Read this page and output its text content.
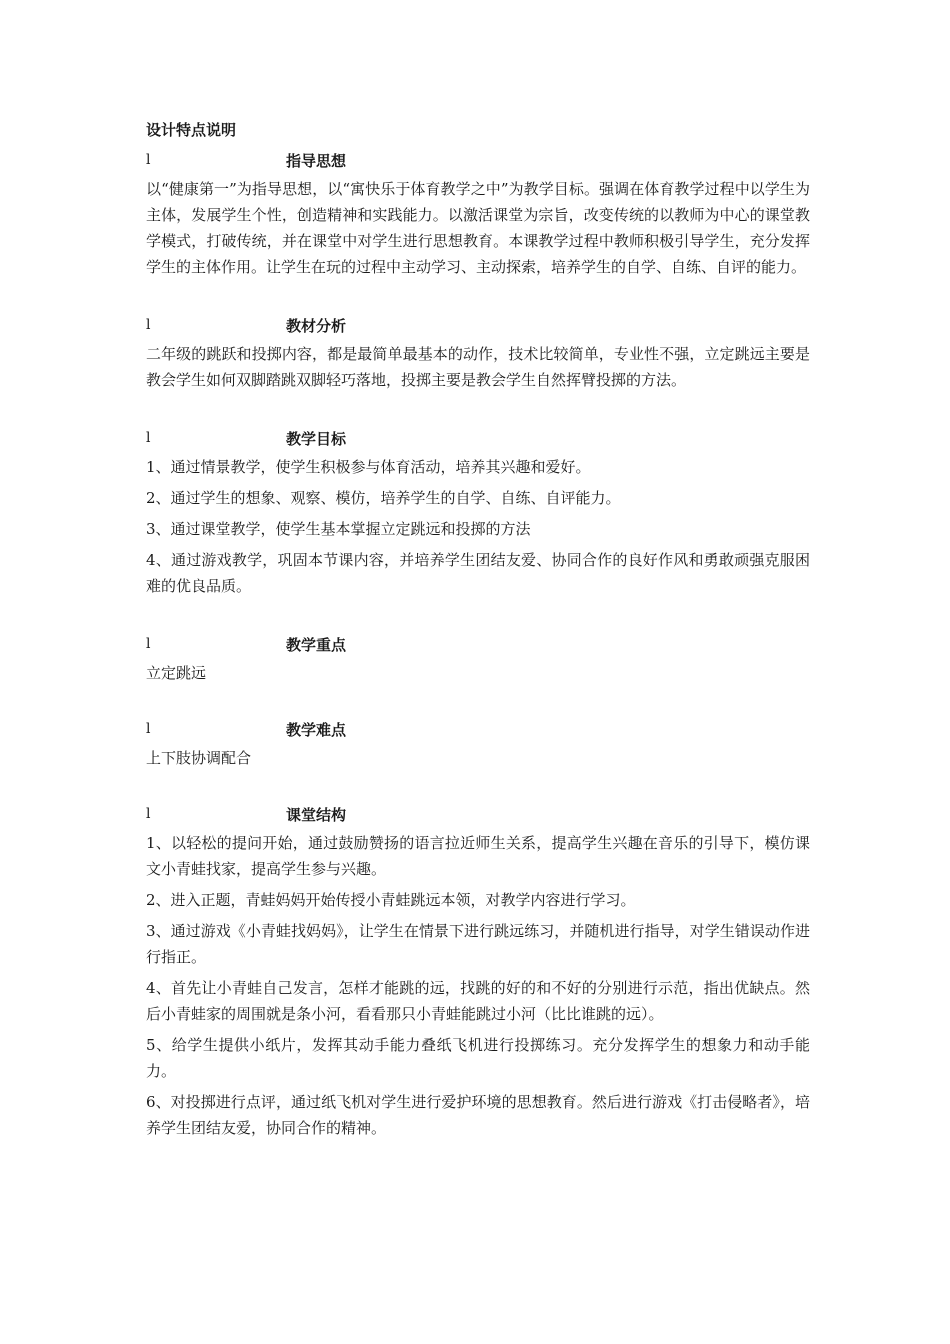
设计特点说明
l	指导思想

以“健康第一”为指导思想，以“寓快乐于体育教学之中”为教学目标。强调在体育教学过程中以学生为主体，发展学生个性，创造精神和实践能力。以激活课堂为宗旨，改变传统的以教师为中心的课堂教学模式，打破传统，并在课堂中对学生进行思想教育。本课教学过程中教师积极引导学生，充分发挥学生的主体作用。让学生在玩的过程中主动学习、主动探索，培养学生的自学、自练、自评的能力。

l	教材分析

二年级的跳跃和投掷内容，都是最简单最基本的动作，技术比较简单，专业性不强，立定跳远主要是教会学生如何双脚踏跳双脚轻巧落地，投掷主要是教会学生自然挥臂投掷的方法。

l	教学目标

1、通过情景教学，使学生积极参与体育活动，培养其兴趣和爱好。

2、通过学生的想象、观察、模仿，培养学生的自学、自练、自评能力。

3、通过课堂教学，使学生基本掌握立定跳远和投掷的方法

4、通过游戏教学，巩固本节课内容，并培养学生团结友爱、协同合作的良好作风和勇敢顽强克服困难的优良品质。

l	教学重点

立定跳远

l	教学难点

上下肢协调配合

l	课堂结构

1、以轻松的提问开始，通过鼓励赞扬的语言拉近师生关系，提高学生兴趣在音乐的引导下，模仿课文小青蛙找家，提高学生参与兴趣。

2、进入正题，青蛙妈妈开始传授小青蛙跳远本领，对教学内容进行学习。

3、通过游戏《小青蛙找妈妈》，让学生在情景下进行跳远练习，并随机进行指导，对学生错误动作进行指正。

4、首先让小青蛙自己发言，怎样才能跳的远，找跳的好的和不好的分别进行示范，指出优缺点。然后小青蛙家的周围就是条小河，看看那只小青蛙能跳过小河（比比谁跳的远）。

5、给学生提供小纸片，发挥其动手能力叠纸飞机进行投掷练习。充分发挥学生的想象力和动手能力。

6、对投掷进行点评，通过纸飞机对学生进行爱护环境的思想教育。然后进行游戏《打击侵略者》，培养学生团结友爱，协同合作的精神。
